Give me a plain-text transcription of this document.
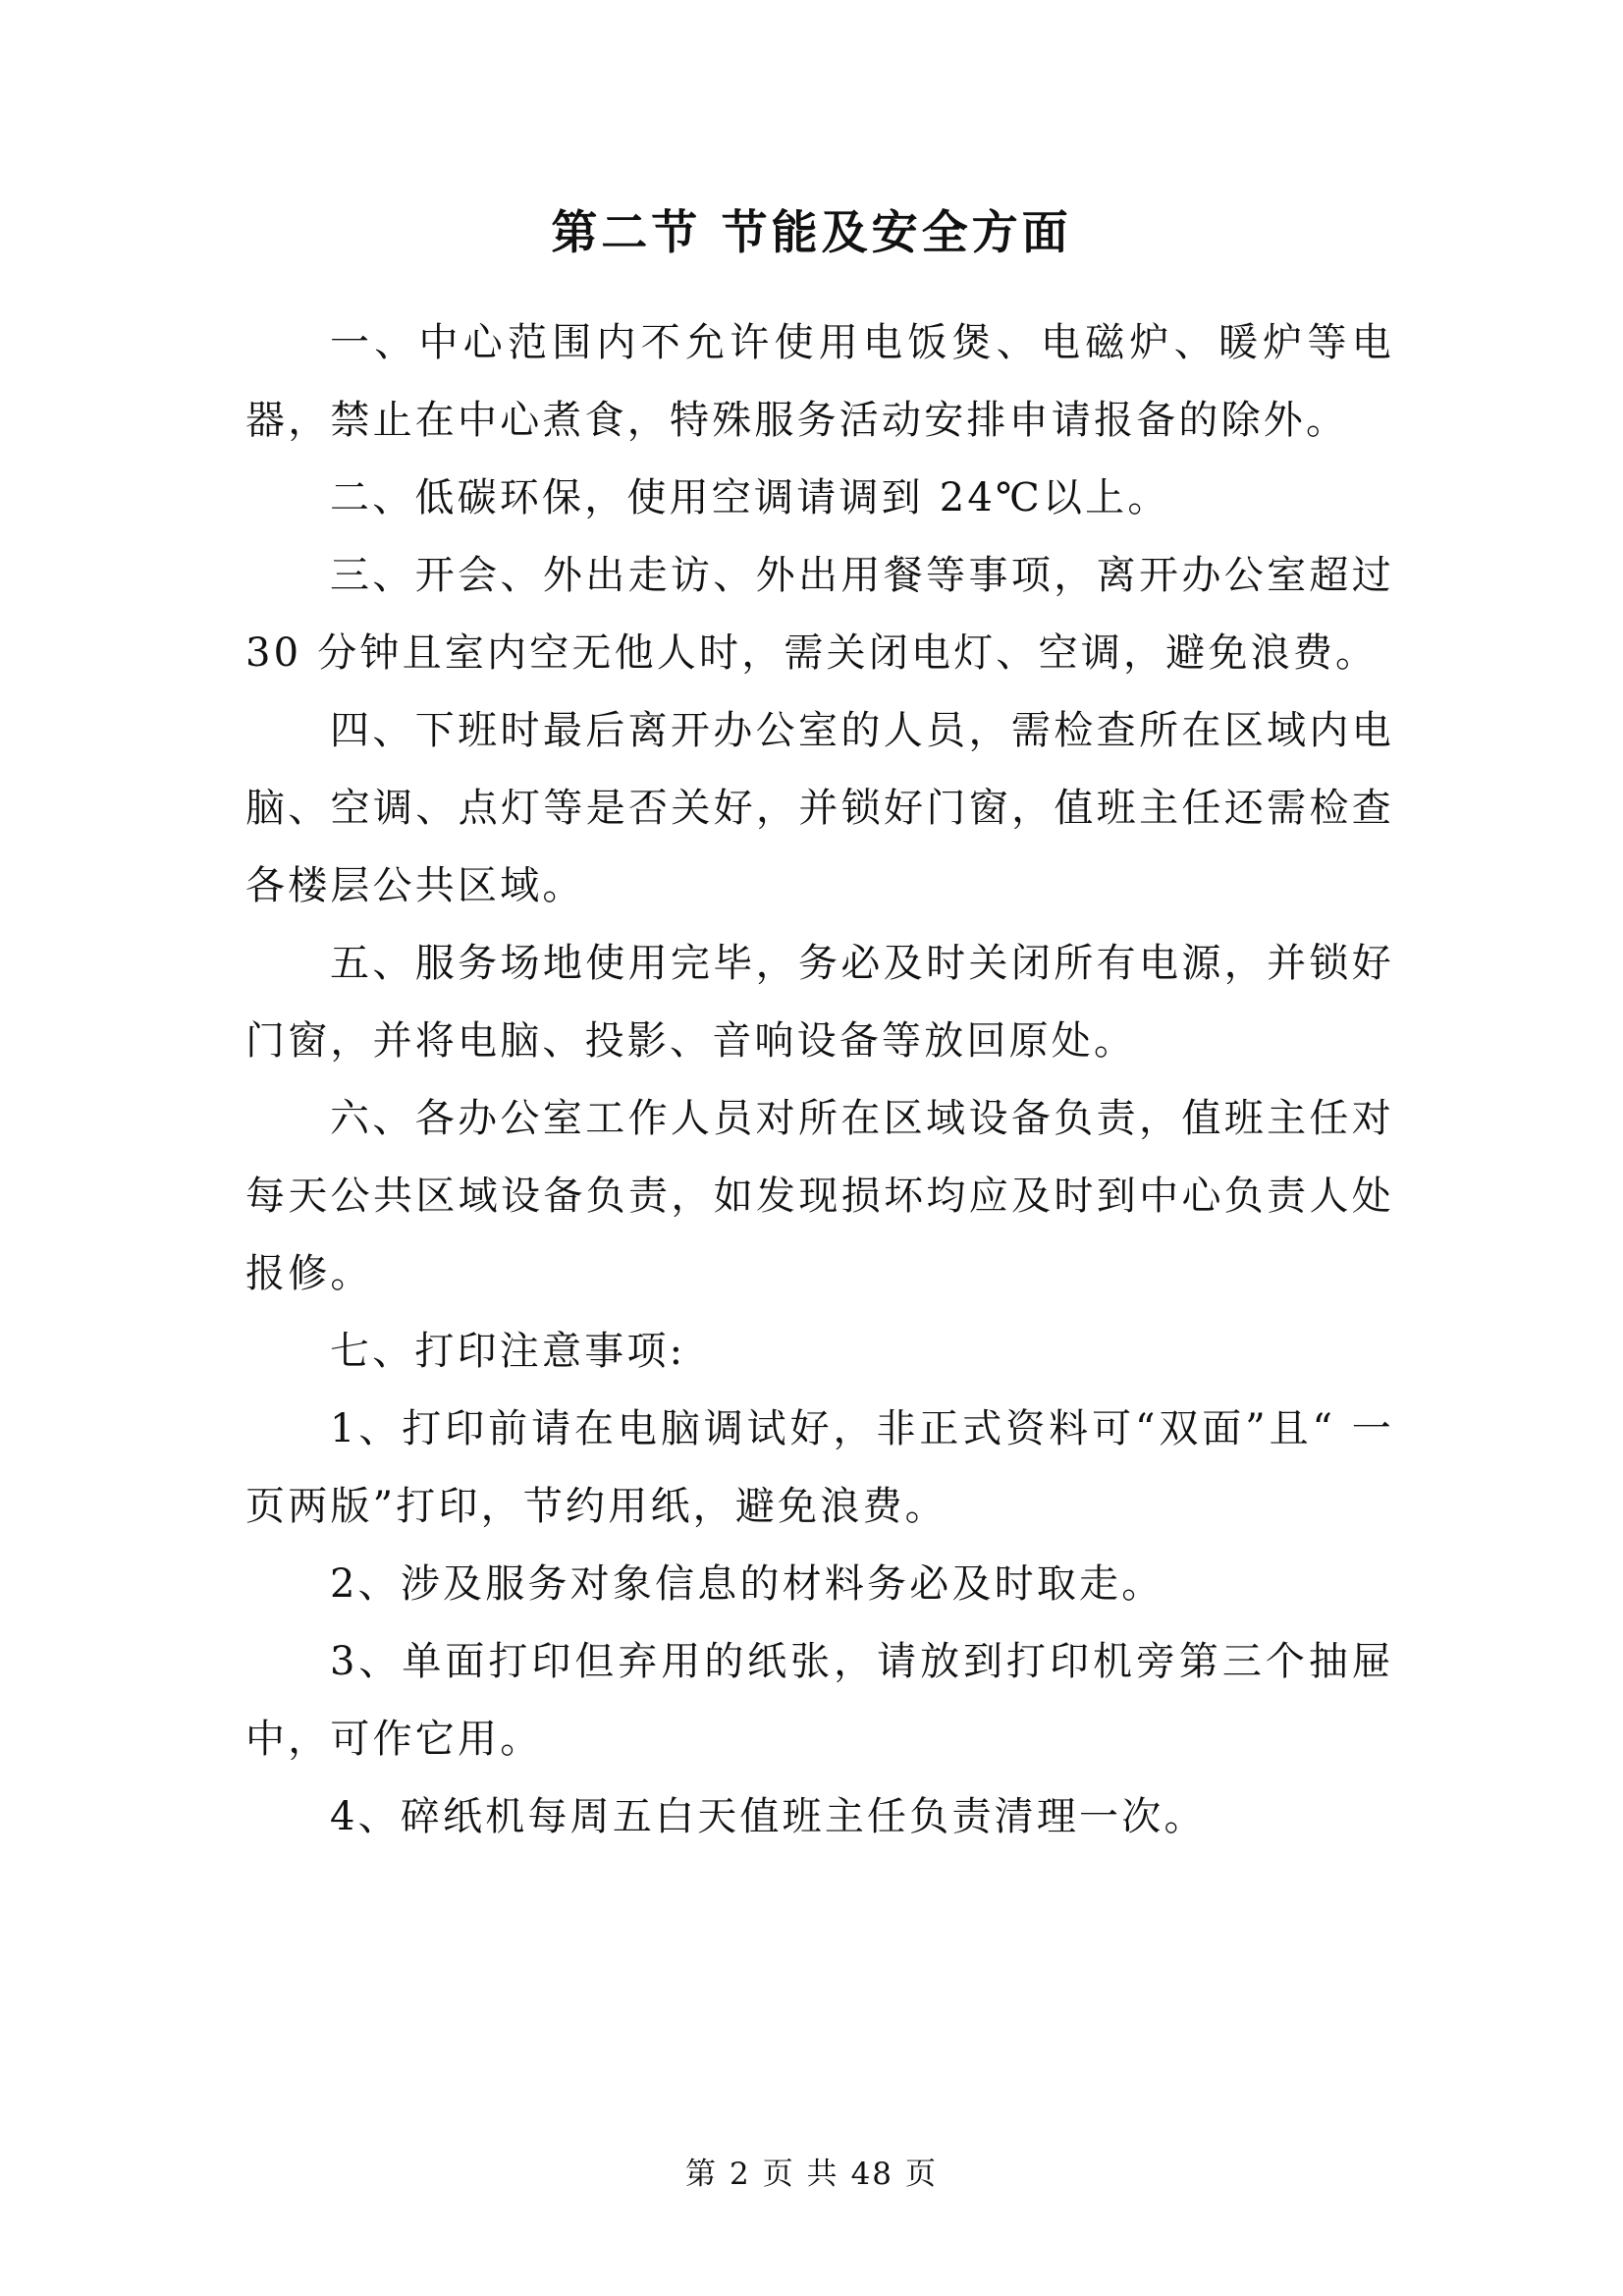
第二节 节能及安全方面

一、中心范围内不允许使用电饭煲、电磁炉、暖炉等电器，禁止在中心煮食，特殊服务活动安排申请报备的除外。

二、低碳环保，使用空调请调到 24℃以上。

三、开会、外出走访、外出用餐等事项，离开办公室超过 30 分钟且室内空无他人时，需关闭电灯、空调，避免浪费。

四、下班时最后离开办公室的人员，需检查所在区域内电脑、空调、点灯等是否关好，并锁好门窗，值班主任还需检查各楼层公共区域。

五、服务场地使用完毕，务必及时关闭所有电源，并锁好门窗，并将电脑、投影、音响设备等放回原处。

六、各办公室工作人员对所在区域设备负责，值班主任对每天公共区域设备负责，如发现损坏均应及时到中心负责人处报修。

七、打印注意事项:

1、打印前请在电脑调试好，非正式资料可“双面”且“ 一页两版”打印，节约用纸，避免浪费。

2、涉及服务对象信息的材料务必及时取走。

3、单面打印但弃用的纸张，请放到打印机旁第三个抽屉中，可作它用。

4、碎纸机每周五白天值班主任负责清理一次。

第 2 页 共 48 页
